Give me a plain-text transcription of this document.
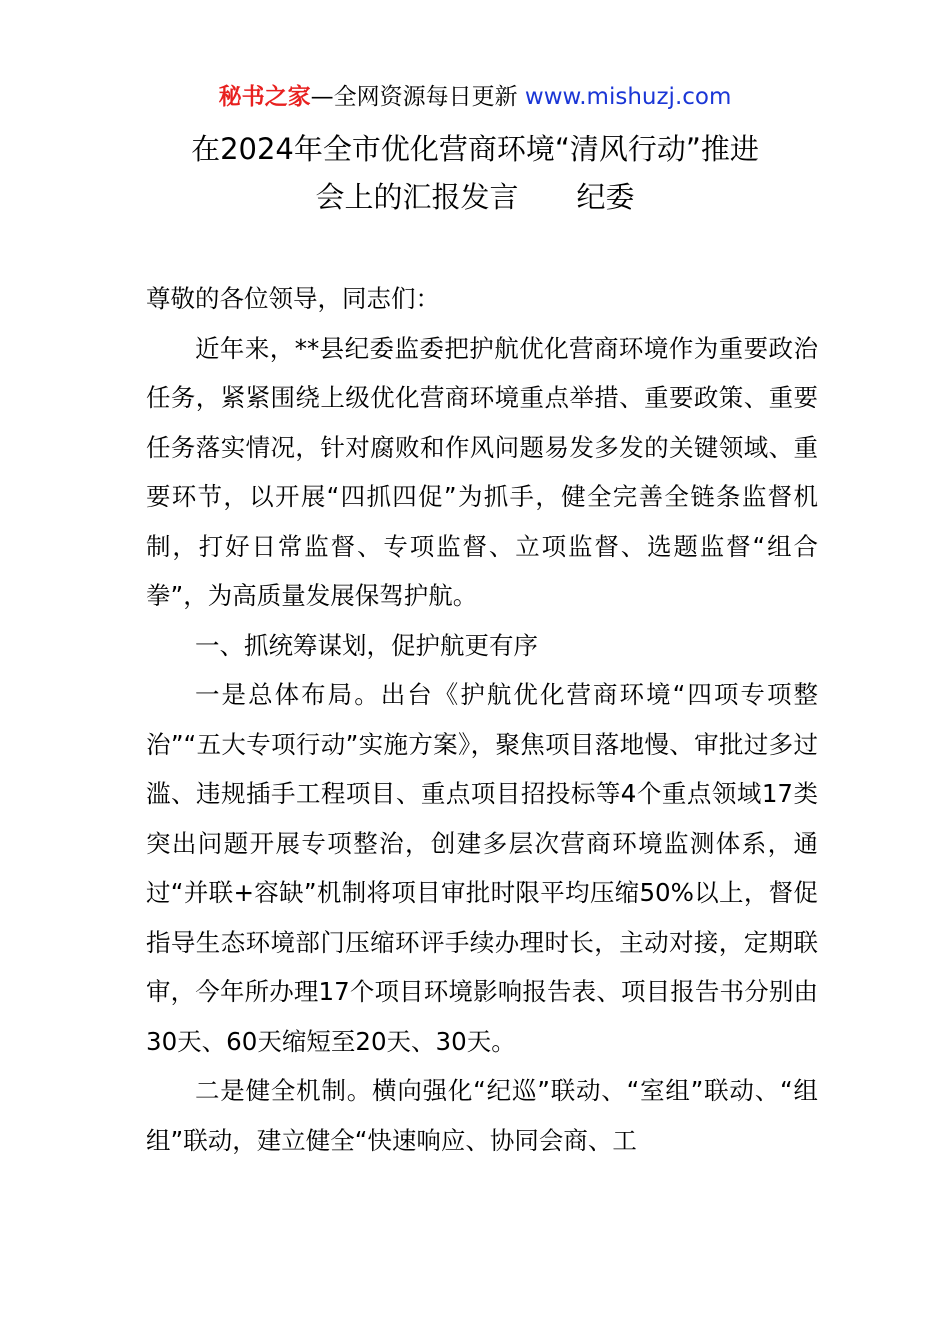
秘书之家—全网资源每日更新 www.mishuzj.com
在2024年全市优化营商环境“清风行动”推进
会上的汇报发言 纪委

尊敬的各位领导，同志们：

近年来，**县纪委监委把护航优化营商环境作为重要政治任务，紧紧围绕上级优化营商环境重点举措、重要政策、重要任务落实情况，针对腐败和作风问题易发多发的关键领域、重要环节，以开展“四抓四促”为抓手，健全完善全链条监督机制，打好日常监督、专项监督、立项监督、选题监督“组合拳”，为高质量发展保驾护航。

一、抓统筹谋划，促护航更有序

一是总体布局。出台《护航优化营商环境“四项专项整治”“五大专项行动”实施方案》，聚焦项目落地慢、审批过多过滥、违规插手工程项目、重点项目招投标等4个重点领域17类突出问题开展专项整治，创建多层次营商环境监测体系，通过“并联+容缺”机制将项目审批时限平均压缩50%以上，督促指导生态环境部门压缩环评手续办理时长，主动对接，定期联审，今年所办理17个项目环境影响报告表、项目报告书分别由30天、60天缩短至20天、30天。

二是健全机制。横向强化“纪巡”联动、“室组”联动、“组组”联动，建立健全“快速响应、协同会商、工
